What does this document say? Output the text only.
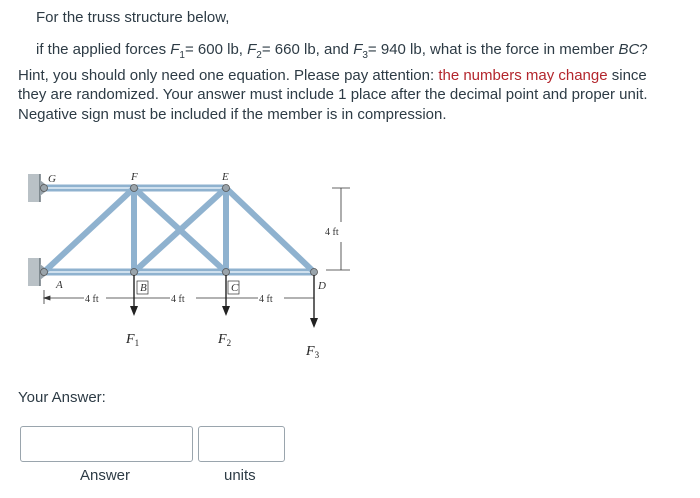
For the truss structure below,
if the applied forces $F_1= 600$ lb, $F_2= 660$ lb, and $F_3= 940$ lb, what is the force in member BC? Hint, you should only need one equation. Please pay attention: the numbers may change since they are randomized. Your answer must include 1 place after the decimal point and proper unit. Negative sign must be included if the member is in compression.
G	F	E
A	B	C	D
4 ft	4 ft	4 ft
4 ft
$F_1$	$F_2$
$F_3$
Your Answer:
Answer	units
